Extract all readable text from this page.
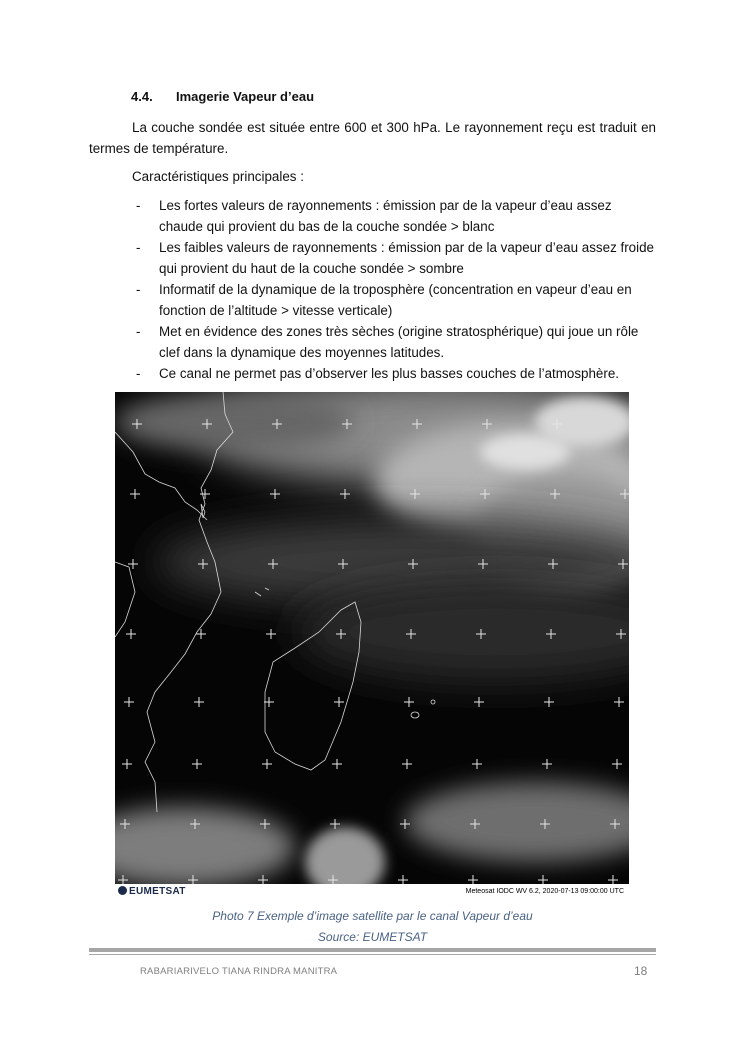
4.4. Imagerie Vapeur d’eau

La couche sondée est située entre 600 et 300 hPa. Le rayonnement reçu est traduit en termes de température.

Caractéristiques principales :

- Les fortes valeurs de rayonnements : émission par de la vapeur d’eau assez chaude qui provient du bas de la couche sondée > blanc
- Les faibles valeurs de rayonnements : émission par de la vapeur d’eau assez froide qui provient du haut de la couche sondée > sombre
- Informatif de la dynamique de la troposphère (concentration en vapeur d’eau en fonction de l’altitude > vitesse verticale)
- Met en évidence des zones très sèches (origine stratosphérique) qui joue un rôle clef dans la dynamique des moyennes latitudes.
- Ce canal ne permet pas d’observer les plus basses couches de l’atmosphère.
EUMETSAT	Meteosat IODC WV 6.2, 2020-07-13 09:00:00 UTC
Photo 7 Exemple d’image satellite par le canal Vapeur d’eau
Source: EUMETSAT
RABARIARIVELO TIANA RINDRA MANITRA	18
